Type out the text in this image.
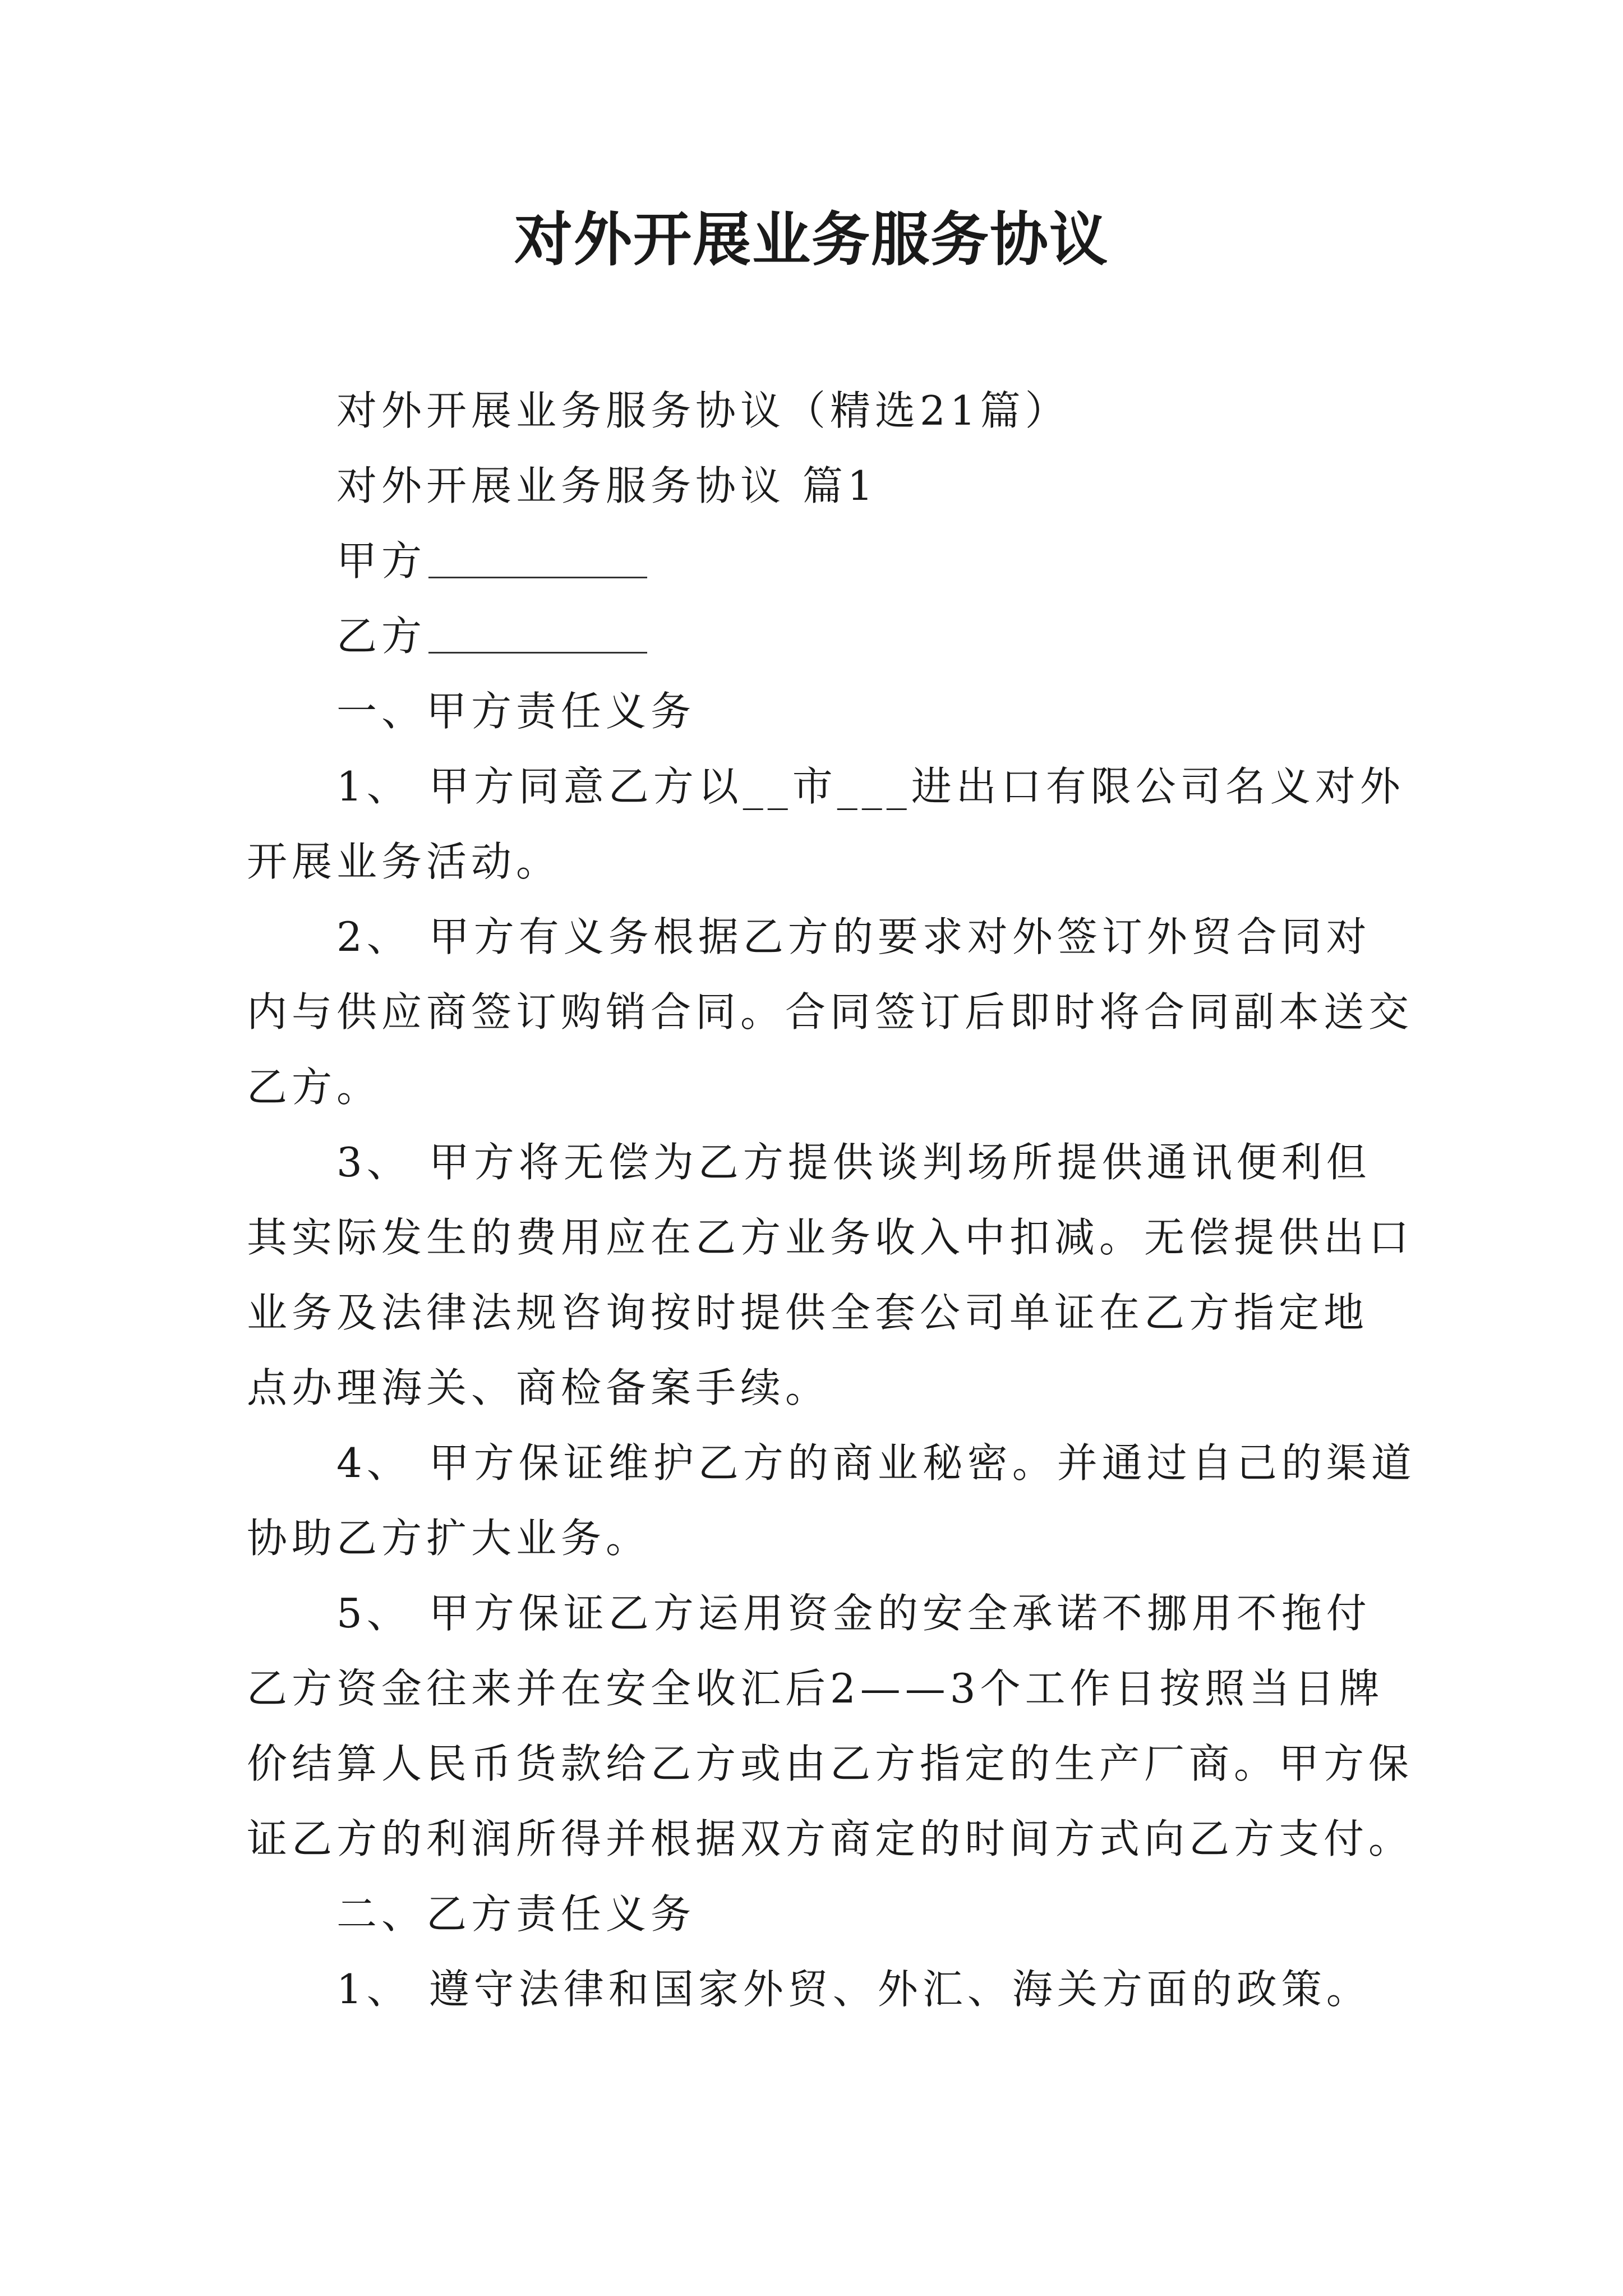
对外开展业务服务协议

对外开展业务服务协议（精选21篇）

对外开展业务服务协议 篇1

甲方

乙方

一、甲方责任义务

1、 甲方同意乙方以__市___进出口有限公司名义对外

开展业务活动。

2、 甲方有义务根据乙方的要求对外签订外贸合同对

内与供应商签订购销合同。合同签订后即时将合同副本送交

乙方。

3、 甲方将无偿为乙方提供谈判场所提供通讯便利但

其实际发生的费用应在乙方业务收入中扣减。无偿提供出口

业务及法律法规咨询按时提供全套公司单证在乙方指定地

点办理海关、商检备案手续。

4、 甲方保证维护乙方的商业秘密。并通过自己的渠道

协助乙方扩大业务。

5、 甲方保证乙方运用资金的安全承诺不挪用不拖付

乙方资金往来并在安全收汇后2——3个工作日按照当日牌

价结算人民币货款给乙方或由乙方指定的生产厂商。甲方保

证乙方的利润所得并根据双方商定的时间方式向乙方支付。

二、乙方责任义务

1、 遵守法律和国家外贸、外汇、海关方面的政策。
